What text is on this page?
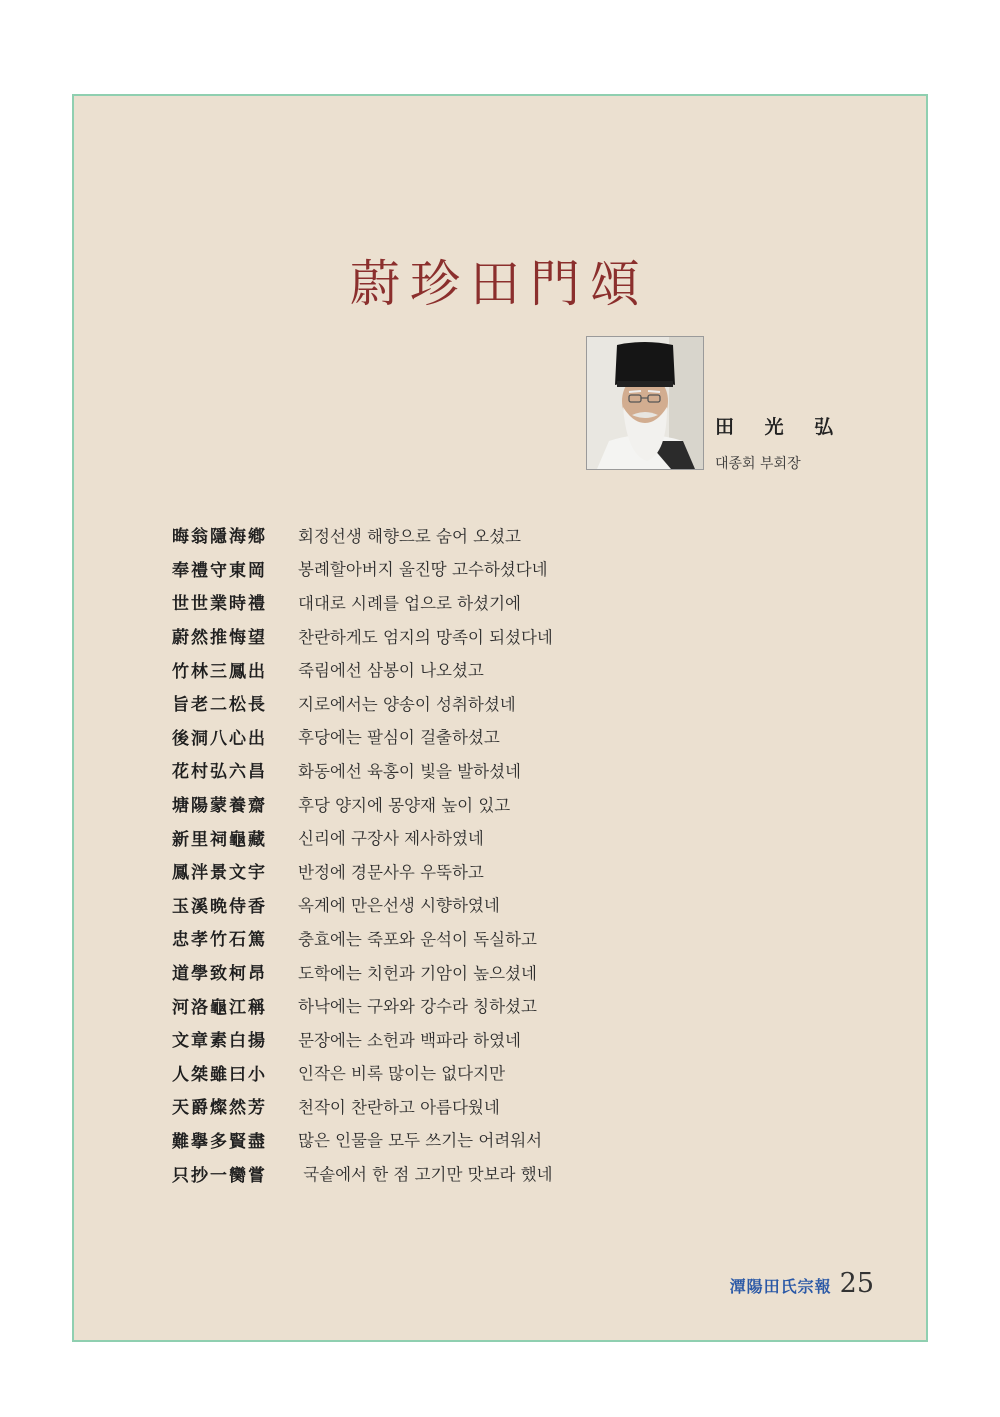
蔚珍田門頌
田 光 弘
대종회 부회장
晦翁隱海鄕	회정선생 해향으로 숨어 오셨고
奉禮守東岡	봉례할아버지 울진땅 고수하셨다네
世世業時禮	대대로 시례를 업으로 하셨기에
蔚然推悔望	찬란하게도 엄지의 망족이 되셨다네
竹林三鳳出	죽림에선 삼봉이 나오셨고
旨老二松長	지로에서는 양송이 성취하셨네
後洞八心出	후당에는 팔심이 걸출하셨고
花村弘六昌	화동에선 육홍이 빛을 발하셨네
塘陽蒙養齋	후당 양지에 몽양재 높이 있고
新里祠龜藏	신리에 구장사 제사하였네
鳳泮景文宇	반정에 경문사우 우뚝하고
玉溪晩侍香	옥계에 만은선생 시향하였네
忠孝竹石篤	충효에는 죽포와 운석이 독실하고
道學致柯昂	도학에는 치헌과 기암이 높으셨네
河洛龜江稱	하낙에는 구와와 강수라 칭하셨고
文章素白揚	문장에는 소헌과 백파라 하였네
人桀雖曰小	인작은 비록 많이는 없다지만
天爵燦然芳	천작이 찬란하고 아름다웠네
難擧多賢盡	많은 인물을 모두 쓰기는 어려워서
只抄一臠嘗	국솥에서 한 점 고기만 맛보라 했네
潭陽田氏宗報 25
